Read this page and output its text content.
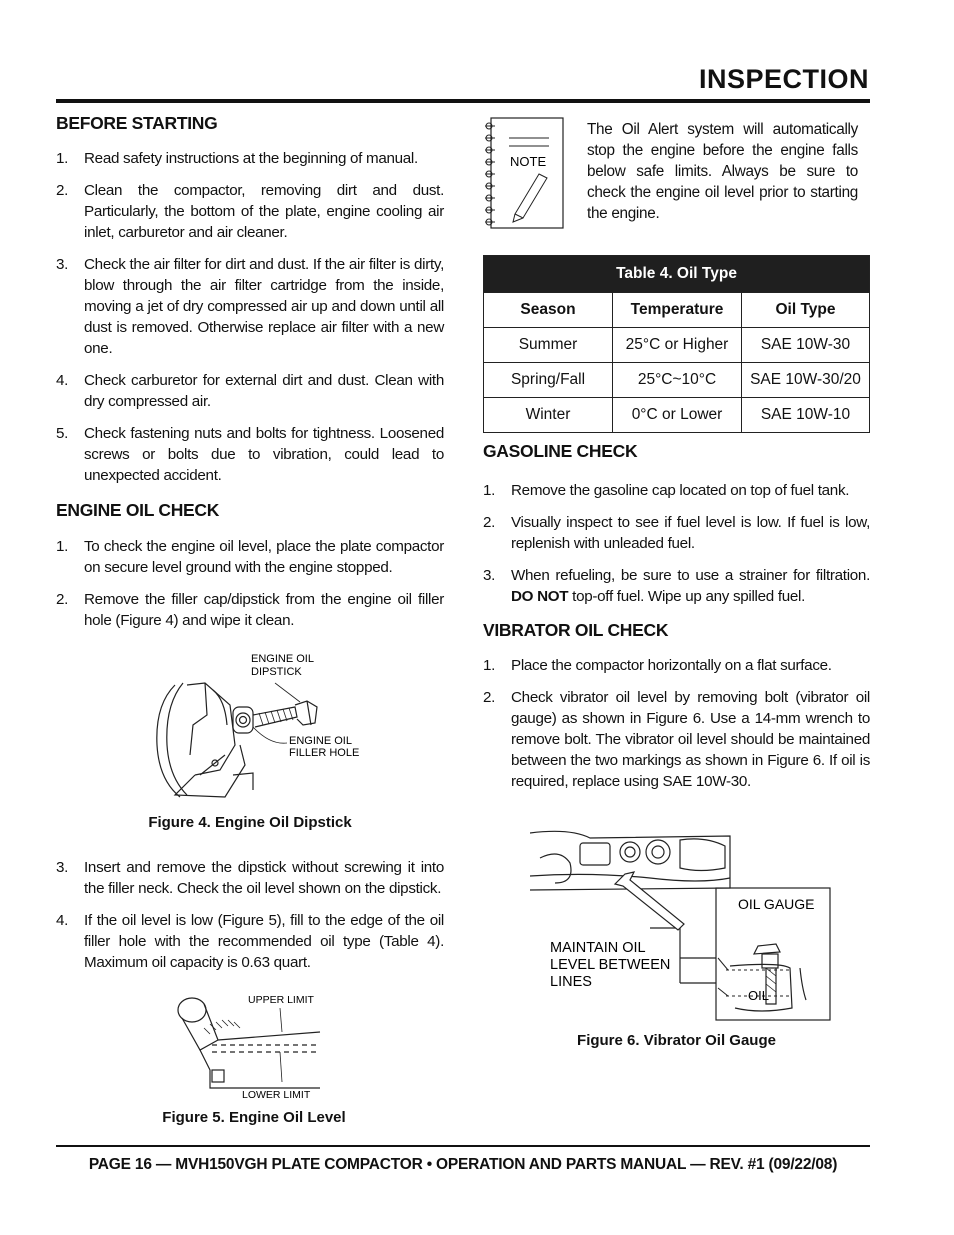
INSPECTION
BEFORE STARTING
1. Read safety instructions at the beginning of manual.
2. Clean the compactor, removing dirt and dust. Particularly, the bottom of the plate, engine cooling air inlet, carburetor and air cleaner.
3. Check the air filter for dirt and dust. If the air filter is dirty, blow through the air filter cartridge from the inside, moving a jet of dry compressed air up and down until all dust is removed. Otherwise replace air filter with a new one.
4. Check carburetor for external dirt and dust. Clean with dry compressed air.
5. Check fastening nuts and bolts for tightness. Loosened screws or bolts due to vibration, could lead to unexpected accident.
ENGINE OIL CHECK
1. To check the engine oil level, place the plate compactor on secure level ground with the engine stopped.
2. Remove the filler cap/dipstick from the engine oil filler hole (Figure 4) and wipe it clean.
ENGINE OIL
DIPSTICK
ENGINE OIL
FILLER HOLE
Figure 4. Engine Oil Dipstick
3. Insert and remove the dipstick without screwing it into the filler neck. Check the oil level shown on the dipstick.
4. If the oil level is low (Figure 5), fill to the edge of the oil filler hole with the recommended oil type (Table 4). Maximum oil capacity is 0.63 quart.
UPPER LIMIT
LOWER LIMIT
Figure 5. Engine Oil Level
NOTE
The Oil Alert system will automatically stop the engine before the engine falls below safe limits. Always be sure to check the engine oil level prior to starting the engine.
Table 4. Oil Type		
Season	Temperature	Oil Type
Summer	25°C or Higher	SAE 10W-30
Spring/Fall	25°C~10°C	SAE 10W-30/20
Winter	0°C or Lower	SAE 10W-10
GASOLINE CHECK
1. Remove the gasoline cap located on top of fuel tank.
2. Visually inspect to see if fuel level is low. If fuel is low, replenish with unleaded fuel.
3. When refueling, be sure to use a strainer for filtration. DO NOT top-off fuel. Wipe up any spilled fuel.
VIBRATOR OIL CHECK
1. Place the compactor horizontally on a flat surface.
2. Check vibrator oil level by removing bolt (vibrator oil gauge) as shown in Figure 6. Use a 14-mm wrench to remove bolt. The vibrator oil level should be maintained between the two markings as shown in Figure 6. If oil is required, replace using SAE 10W-30.
OIL GAUGE
MAINTAIN OIL
LEVEL BETWEEN
LINES
OIL
Figure 6. Vibrator Oil Gauge
PAGE 16 — MVH150VGH PLATE COMPACTOR • OPERATION AND PARTS MANUAL — REV. #1 (09/22/08)
